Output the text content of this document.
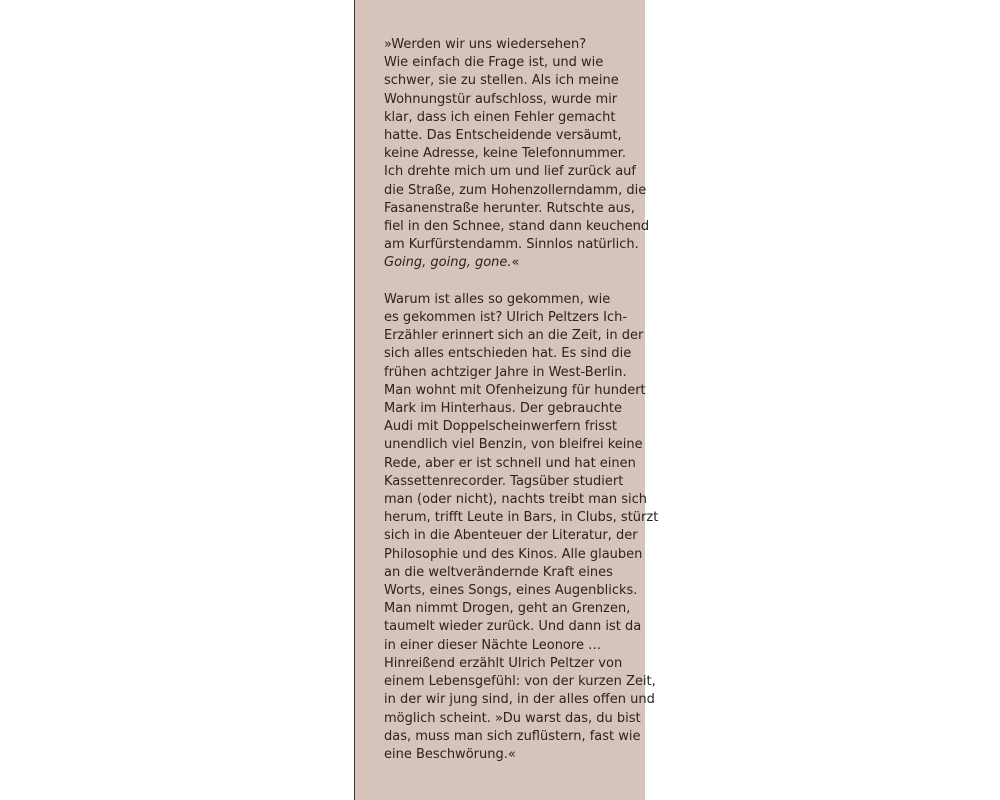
»Werden wir uns wiedersehen?
Wie einfach die Frage ist, und wie
schwer, sie zu stellen. Als ich meine
Wohnungstür aufschloss, wurde mir
klar, dass ich einen Fehler gemacht
hatte. Das Entscheidende versäumt,
keine Adresse, keine Telefonnummer.
Ich drehte mich um und lief zurück auf
die Straße, zum Hohenzollerndamm, die
Fasanenstraße herunter. Rutschte aus,
fiel in den Schnee, stand dann keuchend
am Kurfürstendamm. Sinnlos natürlich.
Going, going, gone.«

Warum ist alles so gekommen, wie
es gekommen ist? Ulrich Peltzers Ich-
Erzähler erinnert sich an die Zeit, in der
sich alles entschieden hat. Es sind die
frühen achtziger Jahre in West-Berlin.
Man wohnt mit Ofenheizung für hundert
Mark im Hinterhaus. Der gebrauchte
Audi mit Doppelscheinwerfern frisst
unendlich viel Benzin, von bleifrei keine
Rede, aber er ist schnell und hat einen
Kassettenrecorder. Tagsüber studiert
man (oder nicht), nachts treibt man sich
herum, trifft Leute in Bars, in Clubs, stürzt
sich in die Abenteuer der Literatur, der
Philosophie und des Kinos. Alle glauben
an die weltverändernde Kraft eines
Worts, eines Songs, eines Augenblicks.
Man nimmt Drogen, geht an Grenzen,
taumelt wieder zurück. Und dann ist da
in einer dieser Nächte Leonore …
Hinreißend erzählt Ulrich Peltzer von
einem Lebensgefühl: von der kurzen Zeit,
in der wir jung sind, in der alles offen und
möglich scheint. »Du warst das, du bist
das, muss man sich zuflüstern, fast wie
eine Beschwörung.«
